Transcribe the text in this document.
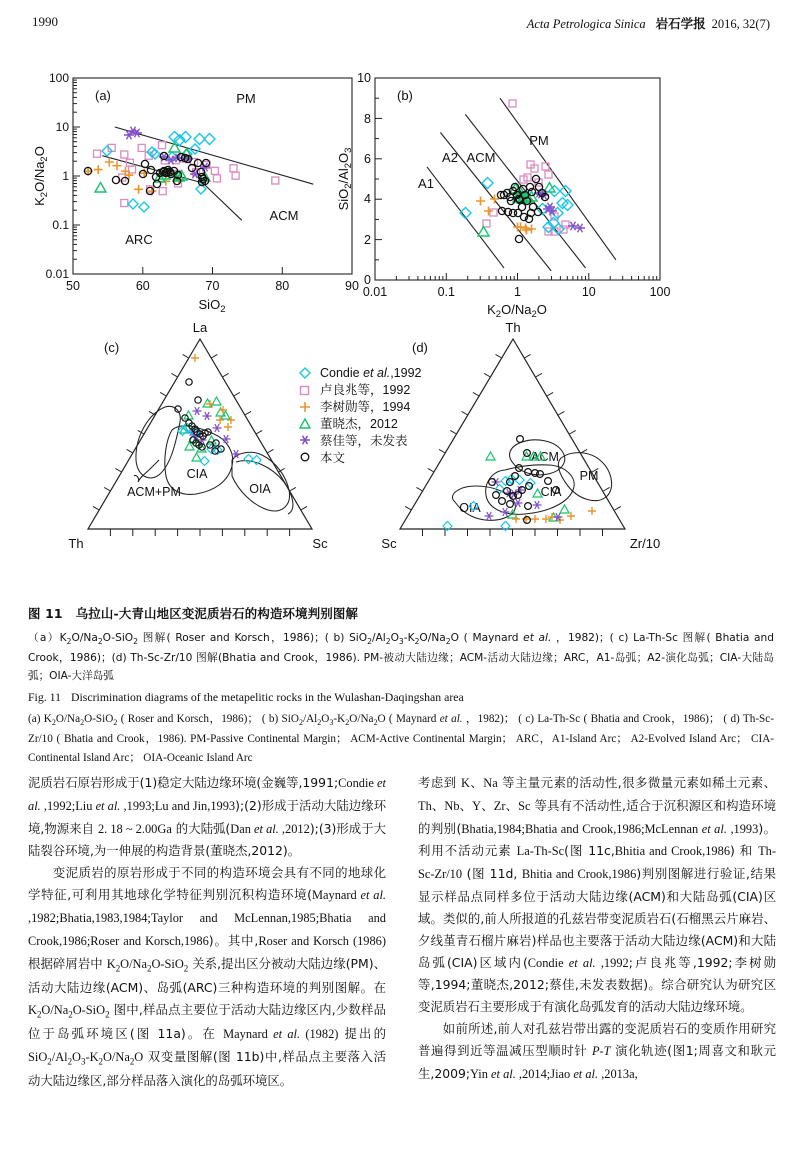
1990	Acta Petrologica Sinica 岩石学报 2016, 32(7)
(a)
0.01
0.1
1
10
100
50	60	70	80	90
SiO$_2$
$K_2O/Na_2O$
PM
ACM
ARC
(b)
0
2
4
6
8
10
0.01	0.1	1	10	100
$K_2O/Na_2O$
$SiO_2/Al_2O_3$
PM
ACM
A2
A1
(c)
La
Th	Sc
ACM+PM
CIA
OIA
(d)
Th
Sc	Zr/10
ACM
PM
CIA
OIA
Condie et al.,1992
卢良兆等，1992
李树勋等，1994
董晓杰，2012
蔡佳等，未发表
本文
图 11 乌拉山-大青山地区变泥质岩石的构造环境判别图解
$(a)K_2O/Na_2O-SiO_2$ 图解( Roser and Korsch，1986)；( b) $SiO_2/Al_2O_3-K_2O/Na_2O$ ( Maynard et al. ，1982)；( c) La-Th-Sc 图解( Bhatia and Crook，1986)；(d) Th-Sc-Zr/10 图解(Bhatia and Crook，1986). PM-被动大陆边缘；ACM-活动大陆边缘；ARC，A1-岛弧；A2-演化岛弧；CIA-大陆岛弧；OIA-大洋岛弧
Fig. 11 Discrimination diagrams of the metapelitic rocks in the Wulashan-Daqingshan area
(a) $K_2O/Na_2O-SiO_2$ ( Roser and Korsch，1986)； ( b) $SiO_2/Al_2O_3-K_2O/Na_2O$ ( Maynard et al. ，1982)； ( c) La-Th-Sc ( Bhatia and Crook，1986)； ( d) Th-Sc-Zr/10 ( Bhatia and Crook，1986). PM-Passive Continental Margin； ACM-Active Continental Margin； ARC，A1-Island Arc； A2-Evolved Island Arc； CIA-Continental Island Arc； OIA-Oceanic Island Arc

泥质岩石原岩形成于(1)稳定大陆边缘环境(金巍等,1991;Condie et al. ,1992;Liu et al. ,1993;Lu and Jin,1993);(2)形成于活动大陆边缘环境,物源来自 2. 18 ~ 2.00Ga 的大陆弧(Dan et al. ,2012);(3)形成于大陆裂谷环境,为一伸展的构造背景(董晓杰,2012)。

变泥质岩的原岩形成于不同的构造环境会具有不同的地球化学特征,可利用其地球化学特征判别沉积构造环境(Maynard et al. ,1982;Bhatia,1983,1984;Taylor and McLennan,1985;Bhatia and Crook,1986;Roser and Korsch,1986)。其中,Roser and Korsch (1986) 根据碎屑岩中 $K_2O/Na_2O-SiO_2$ 关系,提出区分被动大陆边缘(PM)、活动大陆边缘(ACM)、岛弧(ARC)三种构造环境的判别图解。在 $K_2O/Na_2O-SiO_2$ 图中,样品点主要位于活动大陆边缘区内,少数样品位于岛弧环境区(图 11a)。在 Maynard et al. (1982) 提出的 $SiO_2/Al_2O_3-K_2O/Na_2O$ 双变量图解(图 11b)中,样品点主要落入活动大陆边缘区,部分样品落入演化的岛弧环境区。

考虑到 K、Na 等主量元素的活动性,很多微量元素如稀土元素、Th、Nb、Y、Zr、Sc 等具有不活动性,适合于沉积源区和构造环境的判别(Bhatia,1984;Bhatia and Crook,1986;McLennan et al. ,1993)。利用不活动元素 La-Th-Sc(图 11c,Bhitia and Crook,1986) 和 Th-Sc-Zr/10 (图 11d, Bhitia and Crook,1986)判别图解进行验证,结果显示样品点同样多位于活动大陆边缘(ACM)和大陆岛弧(CIA)区域。类似的,前人所报道的孔兹岩带变泥质岩石(石榴黑云片麻岩、夕线堇青石榴片麻岩)样品也主要落于活动大陆边缘(ACM)和大陆岛弧(CIA)区域内(Condie et al. ,1992;卢良兆等,1992;李树勋等,1994;董晓杰,2012;蔡佳,未发表数据)。综合研究认为研究区变泥质岩石主要形成于有演化岛弧发育的活动大陆边缘环境。

如前所述,前人对孔兹岩带出露的变泥质岩石的变质作用研究普遍得到近等温减压型顺时针 P-T 演化轨迹(图1;周喜文和耿元生,2009;Yin et al. ,2014;Jiao et al. ,2013a,
